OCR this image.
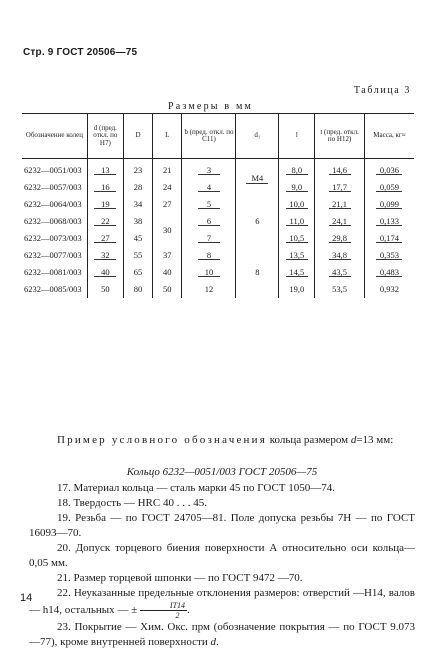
Стр. 9 ГОСТ 20506—75
Таблица 3
Размеры в мм
Обозначение колец	d (пред. откл. по H7)	D	L	b (пред. откл. по C11)	d₁	l	t (пред. откл. по H12)	Масса, кг≈
6232—0051/003	13	23	21	3	M4	8,0	14,6	0,036
6232—0057/003	16	28	24	4		9,0	17,7	0,059
6232—0064/003	19	34	27	5	6	10,0	21,1	0,099
6232—0068/003	22	38	30	6		11,0	24,1	0,133
6232—0073/003	27	45		7		10,5	29,8	0,174
6232—0077/003	32	55	37	8	8	13,5	34,8	0,353
6232—0081/003	40	65	40	10		14,5	43,5	0,483
6232—0085/003	50	80	50	12		19,0	53,5	0,932

Пример условного обозначения кольца размером d=13 мм:

Кольцо 6232—0051/003 ГОСТ 20506—75

17. Материал кольца — сталь марки 45 по ГОСТ 1050—74.

18. Твердость — HRC 40 . . . 45.

19. Резьба — по ГОСТ 24705—81. Поле допуска резьбы 7H — по ГОСТ 16093—70.

20. Допуск торцевого биения поверхности А относительно оси кольца—0,05 мм.

21. Размер торцевой шпонки — по ГОСТ 9472 —70.

22. Неуказанные предельные отклонения размеров: отверстий —H14, валов — h14, остальных — ± $\frac{IT14}{2}$ .

23. Покрытие — Хим. Окс. прм (обозначение покрытия — по ГОСТ 9.073—77), кроме внутренней поверхности d.

14
